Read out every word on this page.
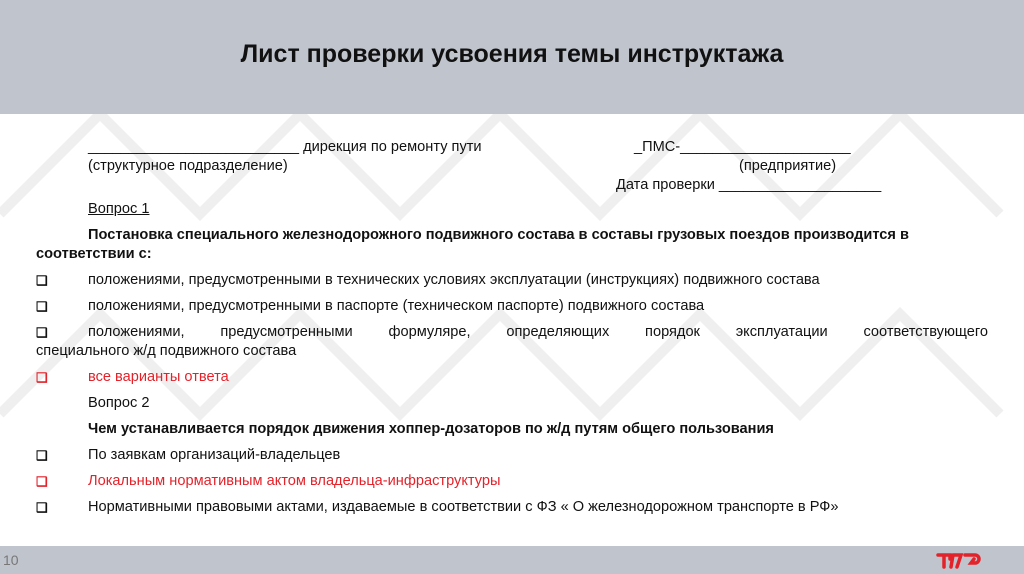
Лист проверки усвоения темы инструктажа
__________________________ дирекция по ремонту пути	_ПМС-_____________________
(структурное подразделение)	(предприятие)
Дата проверки ____________________
Вопрос 1
Постановка специального железнодорожного подвижного состава в составы грузовых поездов производится в соответствии с:
❑	положениями, предусмотренными в технических условиях эксплуатации (инструкциях) подвижного состава
❑	положениями, предусмотренными в паспорте (техническом паспорте) подвижного состава
❑	положениями, предусмотренными формуляре, определяющих порядок эксплуатации соответствующего
специального ж/д подвижного состава
❑	все варианты ответа
Вопрос 2
Чем устанавливается порядок движения хоппер-дозаторов по ж/д путям общего пользования
❑	По заявкам организаций-владельцев
❑	Локальным нормативным актом владельца-инфраструктуры
❑	Нормативными правовыми актами, издаваемые в соответствии с ФЗ « О железнодорожном транспорте в РФ»
10
